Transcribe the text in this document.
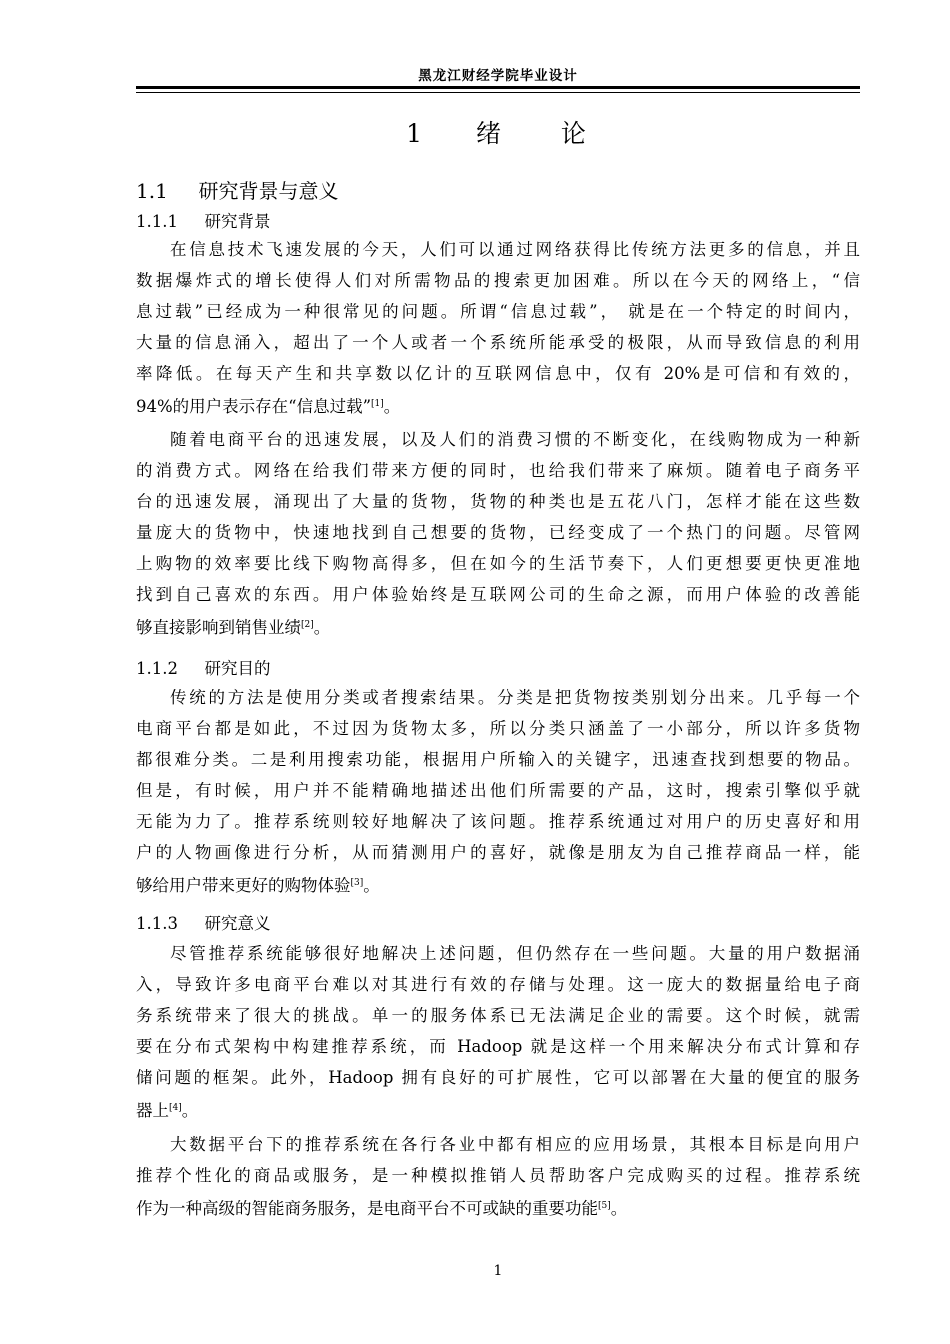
黑龙江财经学院毕业设计
1 绪 论
1.1 研究背景与意义
1.1.1 研究背景
在信息技术飞速发展的今天，人们可以通过网络获得比传统方法更多的信息，并且
数据爆炸式的增长使得人们对所需物品的搜索更加困难。所以在今天的网络上，“信
息过载”已经成为一种很常见的问题。所谓“信息过载”， 就是在一个特定的时间内，
大量的信息涌入，超出了一个人或者一个系统所能承受的极限，从而导致信息的利用
率降低。在每天产生和共享数以亿计的互联网信息中，仅有 20%是可信和有效的，
94%的用户表示存在“信息过载”[1]。
随着电商平台的迅速发展，以及人们的消费习惯的不断变化，在线购物成为一种新
的消费方式。网络在给我们带来方便的同时，也给我们带来了麻烦。随着电子商务平
台的迅速发展，涌现出了大量的货物，货物的种类也是五花八门，怎样才能在这些数
量庞大的货物中，快速地找到自己想要的货物，已经变成了一个热门的问题。尽管网
上购物的效率要比线下购物高得多，但在如今的生活节奏下，人们更想要更快更准地
找到自己喜欢的东西。用户体验始终是互联网公司的生命之源，而用户体验的改善能
够直接影响到销售业绩[2]。
1.1.2 研究目的
传统的方法是使用分类或者搜索结果。分类是把货物按类别划分出来。几乎每一个
电商平台都是如此，不过因为货物太多，所以分类只涵盖了一小部分，所以许多货物
都很难分类。二是利用搜索功能，根据用户所输入的关键字，迅速查找到想要的物品。
但是，有时候，用户并不能精确地描述出他们所需要的产品，这时，搜索引擎似乎就
无能为力了。推荐系统则较好地解决了该问题。推荐系统通过对用户的历史喜好和用
户的人物画像进行分析，从而猜测用户的喜好，就像是朋友为自己推荐商品一样，能
够给用户带来更好的购物体验[3]。
1.1.3 研究意义
尽管推荐系统能够很好地解决上述问题，但仍然存在一些问题。大量的用户数据涌
入，导致许多电商平台难以对其进行有效的存储与处理。这一庞大的数据量给电子商
务系统带来了很大的挑战。单一的服务体系已无法满足企业的需要。这个时候，就需
要在分布式架构中构建推荐系统，而 Hadoop 就是这样一个用来解决分布式计算和存
储问题的框架。此外，Hadoop 拥有良好的可扩展性，它可以部署在大量的便宜的服务
器上[4]。
大数据平台下的推荐系统在各行各业中都有相应的应用场景，其根本目标是向用户
推荐个性化的商品或服务，是一种模拟推销人员帮助客户完成购买的过程。推荐系统
作为一种高级的智能商务服务，是电商平台不可或缺的重要功能[5]。
1
